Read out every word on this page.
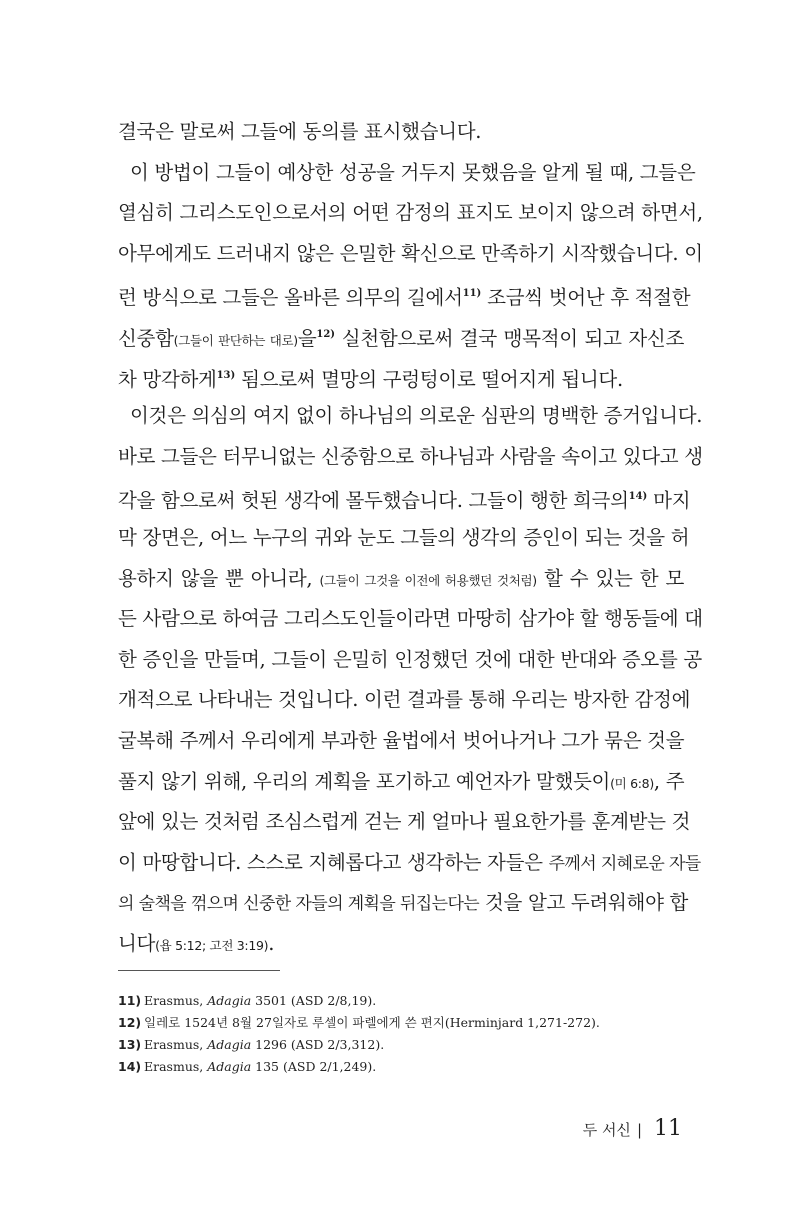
결국은 말로써 그들에 동의를 표시했습니다.
이 방법이 그들이 예상한 성공을 거두지 못했음을 알게 될 때, 그들은
열심히 그리스도인으로서의 어떤 감정의 표지도 보이지 않으려 하면서,
아무에게도 드러내지 않은 은밀한 확신으로 만족하기 시작했습니다. 이
런 방식으로 그들은 올바른 의무의 길에서$^{11)}$ 조금씩 벗어난 후 적절한
신중함(그들이 판단하는 대로)을$^{12)}$ 실천함으로써 결국 맹목적이 되고 자신조
차 망각하게$^{13)}$ 됨으로써 멸망의 구렁텅이로 떨어지게 됩니다.
이것은 의심의 여지 없이 하나님의 의로운 심판의 명백한 증거입니다.
바로 그들은 터무니없는 신중함으로 하나님과 사람을 속이고 있다고 생
각을 함으로써 헛된 생각에 몰두했습니다. 그들이 행한 희극의$^{14)}$ 마지
막 장면은, 어느 누구의 귀와 눈도 그들의 생각의 증인이 되는 것을 허
용하지 않을 뿐 아니라, (그들이 그것을 이전에 허용했던 것처럼) 할 수 있는 한 모
든 사람으로 하여금 그리스도인들이라면 마땅히 삼가야 할 행동들에 대
한 증인을 만들며, 그들이 은밀히 인정했던 것에 대한 반대와 증오를 공
개적으로 나타내는 것입니다. 이런 결과를 통해 우리는 방자한 감정에
굴복해 주께서 우리에게 부과한 율법에서 벗어나거나 그가 묶은 것을
풀지 않기 위해, 우리의 계획을 포기하고 예언자가 말했듯이(미 6:8), 주
앞에 있는 것처럼 조심스럽게 걷는 게 얼마나 필요한가를 훈계받는 것
이 마땅합니다. 스스로 지혜롭다고 생각하는 자들은 주께서 지혜로운 자들
의 술책을 꺾으며 신중한 자들의 계획을 뒤집는다는 것을 알고 두려워해야 합
니다(욥 5:12; 고전 3:19).
11) Erasmus, Adagia 3501 (ASD 2/8,19).
12) 일레로 1524년 8월 27일자로 루셀이 파렐에게 쓴 편지(Herminjard 1,271-272).
13) Erasmus, Adagia 1296 (ASD 2/3,312).
14) Erasmus, Adagia 135 (ASD 2/1,249).
두 서신 | 11
